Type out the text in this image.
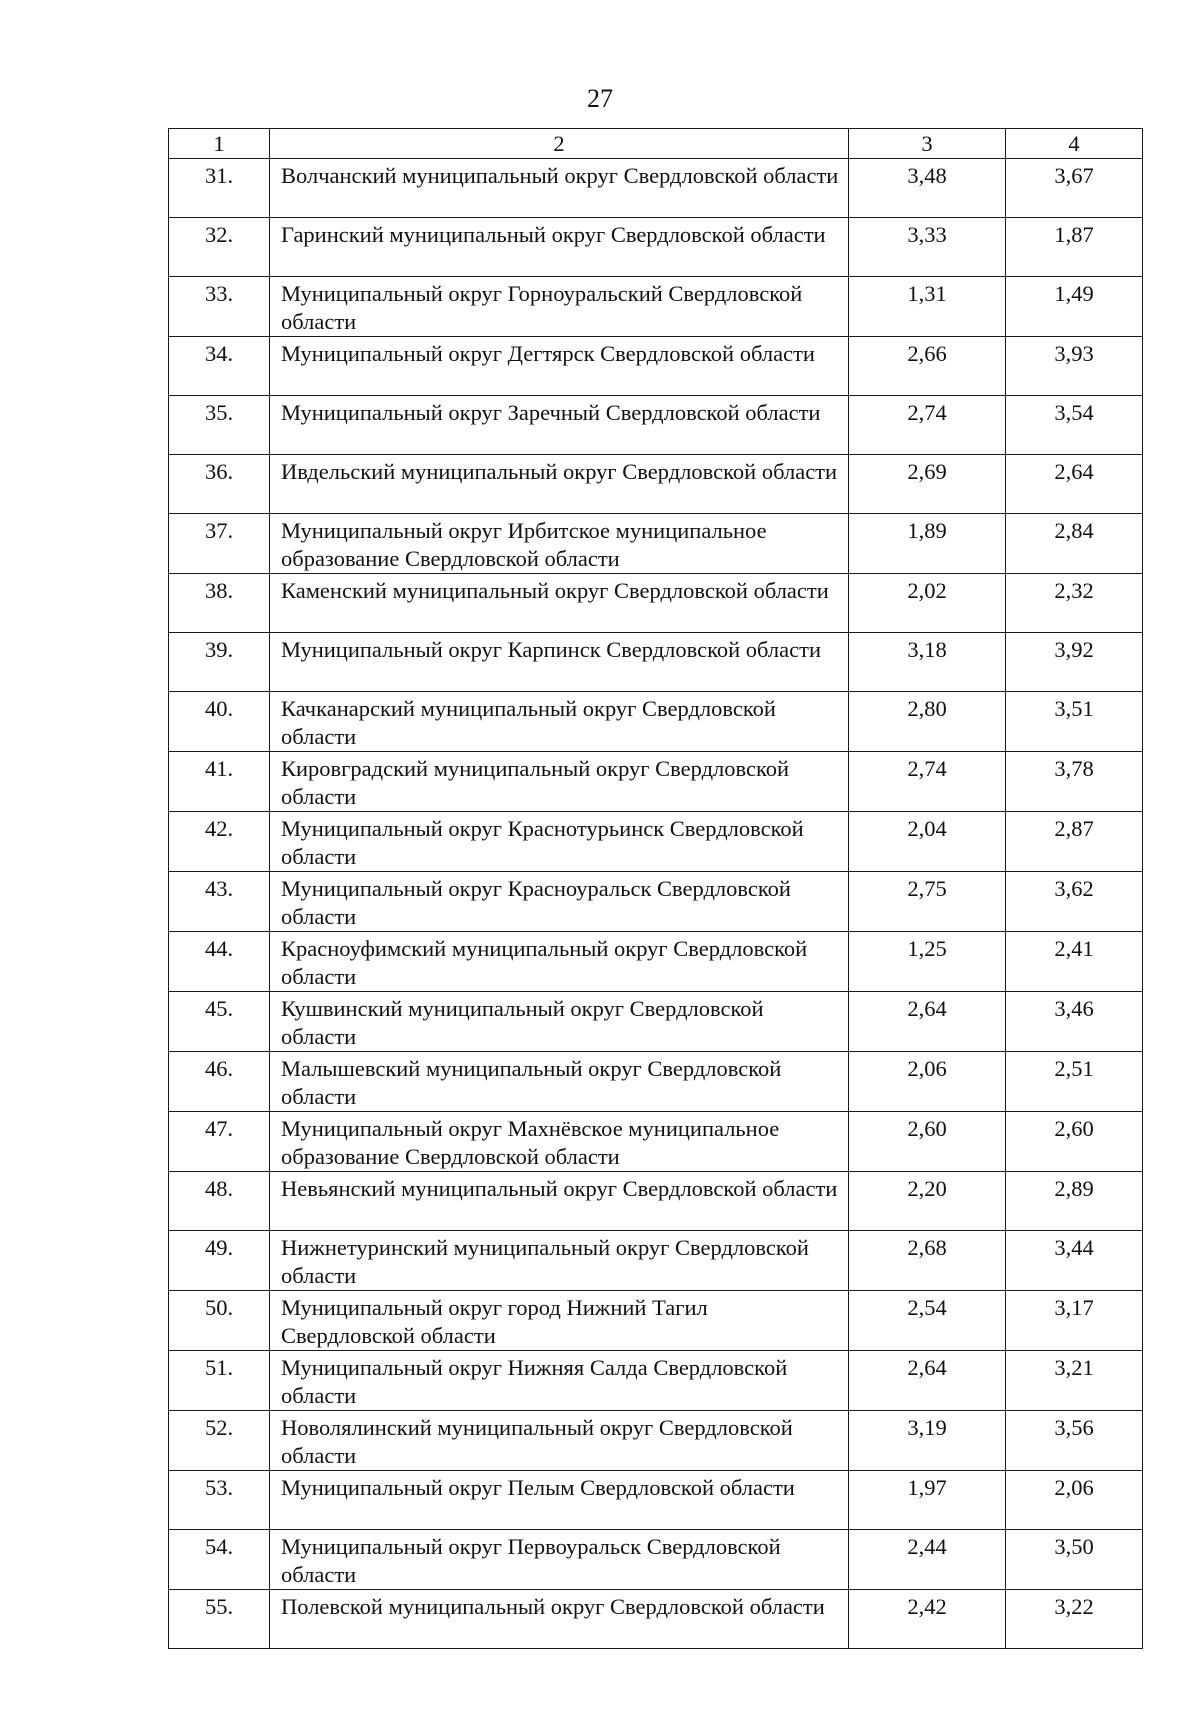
27
1	2	3	4
31.	Волчанский муниципальный округ Свердловской области	3,48	3,67
32.	Гаринский муниципальный округ Свердловской области	3,33	1,87
33.	Муниципальный округ Горноуральский Свердловской области	1,31	1,49
34.	Муниципальный округ Дегтярск Свердловской области	2,66	3,93
35.	Муниципальный округ Заречный Свердловской области	2,74	3,54
36.	Ивдельский муниципальный округ Свердловской области	2,69	2,64
37.	Муниципальный округ Ирбитское муниципальное образование Свердловской области	1,89	2,84
38.	Каменский муниципальный округ Свердловской области	2,02	2,32
39.	Муниципальный округ Карпинск Свердловской области	3,18	3,92
40.	Качканарский муниципальный округ Свердловской области	2,80	3,51
41.	Кировградский муниципальный округ Свердловской области	2,74	3,78
42.	Муниципальный округ Краснотурьинск Свердловской области	2,04	2,87
43.	Муниципальный округ Красноуральск Свердловской области	2,75	3,62
44.	Красноуфимский муниципальный округ Свердловской области	1,25	2,41
45.	Кушвинский муниципальный округ Свердловской области	2,64	3,46
46.	Малышевский муниципальный округ Свердловской области	2,06	2,51
47.	Муниципальный округ Махнёвское муниципальное образование Свердловской области	2,60	2,60
48.	Невьянский муниципальный округ Свердловской области	2,20	2,89
49.	Нижнетуринский муниципальный округ Свердловской области	2,68	3,44
50.	Муниципальный округ город Нижний Тагил Свердловской области	2,54	3,17
51.	Муниципальный округ Нижняя Салда Свердловской области	2,64	3,21
52.	Новолялинский муниципальный округ Свердловской области	3,19	3,56
53.	Муниципальный округ Пелым Свердловской области	1,97	2,06
54.	Муниципальный округ Первоуральск Свердловской области	2,44	3,50
55.	Полевской муниципальный округ Свердловской области	2,42	3,22
